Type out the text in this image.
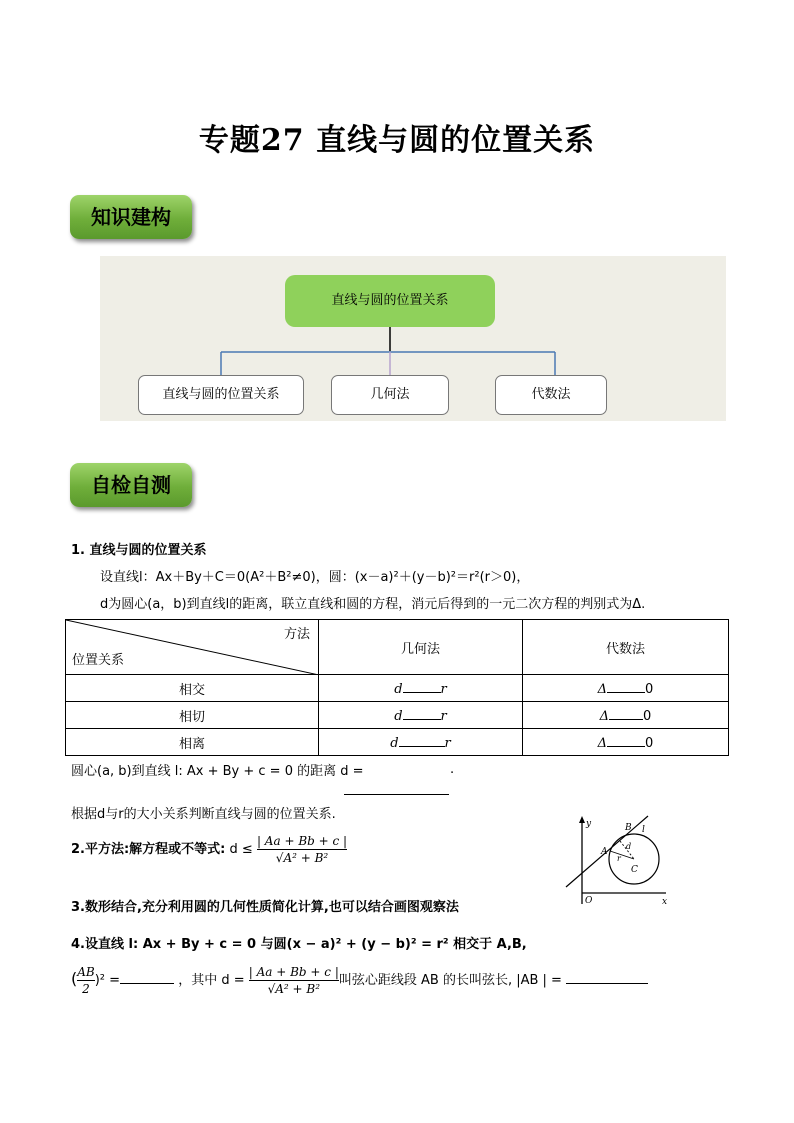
专题27 直线与圆的位置关系
知识建构
直线与圆的位置关系
直线与圆的位置关系	几何法	代数法
自检自测
1. 直线与圆的位置关系
设直线l：Ax＋By＋C＝0(A²＋B²≠0)，圆：(x－a)²＋(y－b)²＝r²(r＞0)，
d为圆心(a，b)到直线l的距离，联立直线和圆的方程，消元后得到的一元二次方程的判别式为Δ.
方法
位置关系	几何法	代数法
相交	d r	Δ 0
相切	d r	Δ 0
相离	d r	Δ 0
圆心(a, b)到直线 l: Ax + By + c = 0 的距离 d =	.
根据d与r的大小关系判断直线与圆的位置关系.
2.平方法:解方程或不等式: $d \le \frac{| Aa + Bb + c |}{\text{√A² + B²}}$
y
x
O
A
B
C
l
d
r
3.数形结合,充分利用圆的几何性质简化计算,也可以结合画图观察法
4.设直线 l: Ax + By + c = 0 与圆(x − a)² + (y − b)² = r² 相交于 A,B,
( $\frac{AB}{2} )^2$ =	，其中 $d = \frac{| Aa + Bb + c |}{\text{√A² + B²}}$ 叫弦心距线段 AB 的长叫弦长, |AB | =
